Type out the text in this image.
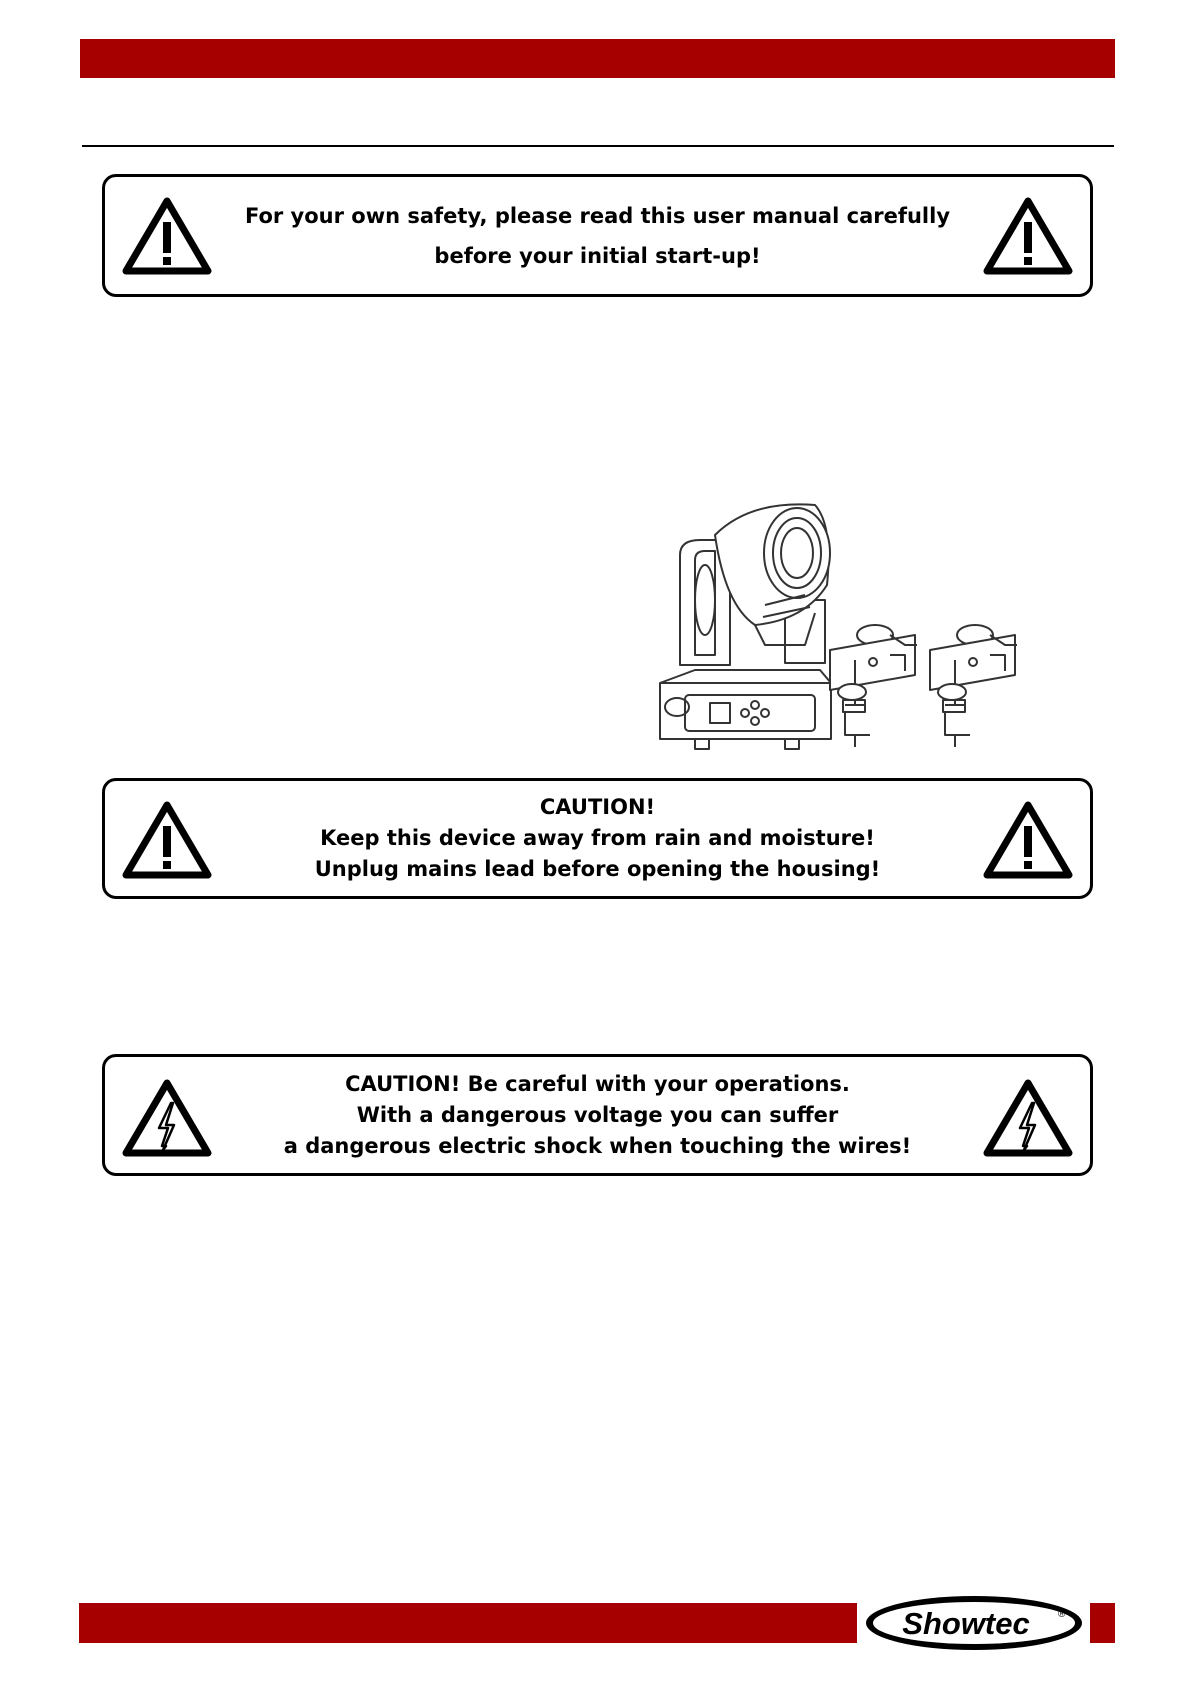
For your own safety, please read this user manual carefully
before your initial start-up!
CAUTION!
Keep this device away from rain and moisture!
Unplug mains lead before opening the housing!
CAUTION! Be careful with your operations.
With a dangerous voltage you can suffer
a dangerous electric shock when touching the wires!
Showtec	®
